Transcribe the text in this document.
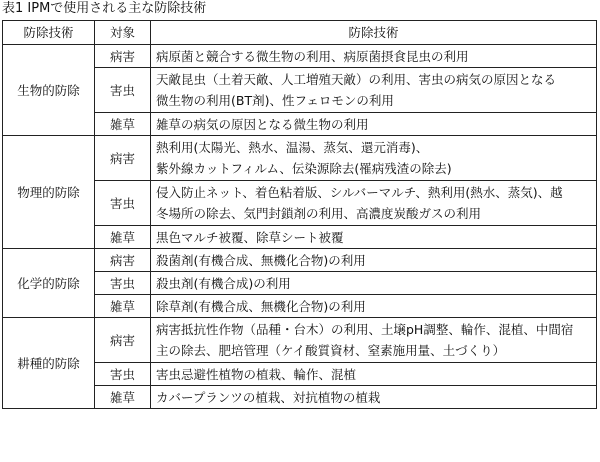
表1 IPMで使用される主な防除技術
防除技術	対象	防除技術
生物的防除	病害	病原菌と競合する微生物の利用、病原菌摂食昆虫の利用

	害虫	天敵昆虫（土着天敵、人工増殖天敵）の利用、害虫の病気の原因となる
微生物の利用(BT剤)、性フェロモンの利用

	雑草	雑草の病気の原因となる微生物の利用

物理的防除	病害	熱利用(太陽光、熱水、温湯、蒸気、還元消毒)、
紫外線カットフィルム、伝染源除去(罹病残渣の除去)

	害虫	侵入防止ネット、着色粘着版、シルバーマルチ、熱利用(熱水、蒸気)、越
冬場所の除去、気門封鎖剤の利用、高濃度炭酸ガスの利用

	雑草	黒色マルチ被覆、除草シート被覆

化学的防除	病害	殺菌剤(有機合成、無機化合物)の利用

	害虫	殺虫剤(有機合成)の利用

	雑草	除草剤(有機合成、無機化合物)の利用

耕種的防除	病害	病害抵抗性作物（品種・台木）の利用、土壌pH調整、輪作、混植、中間宿
主の除去、肥培管理（ケイ酸質資材、窒素施用量、土づくり）

	害虫	害虫忌避性植物の植栽、輪作、混植

	雑草	カバープランツの植栽、対抗植物の植栽
